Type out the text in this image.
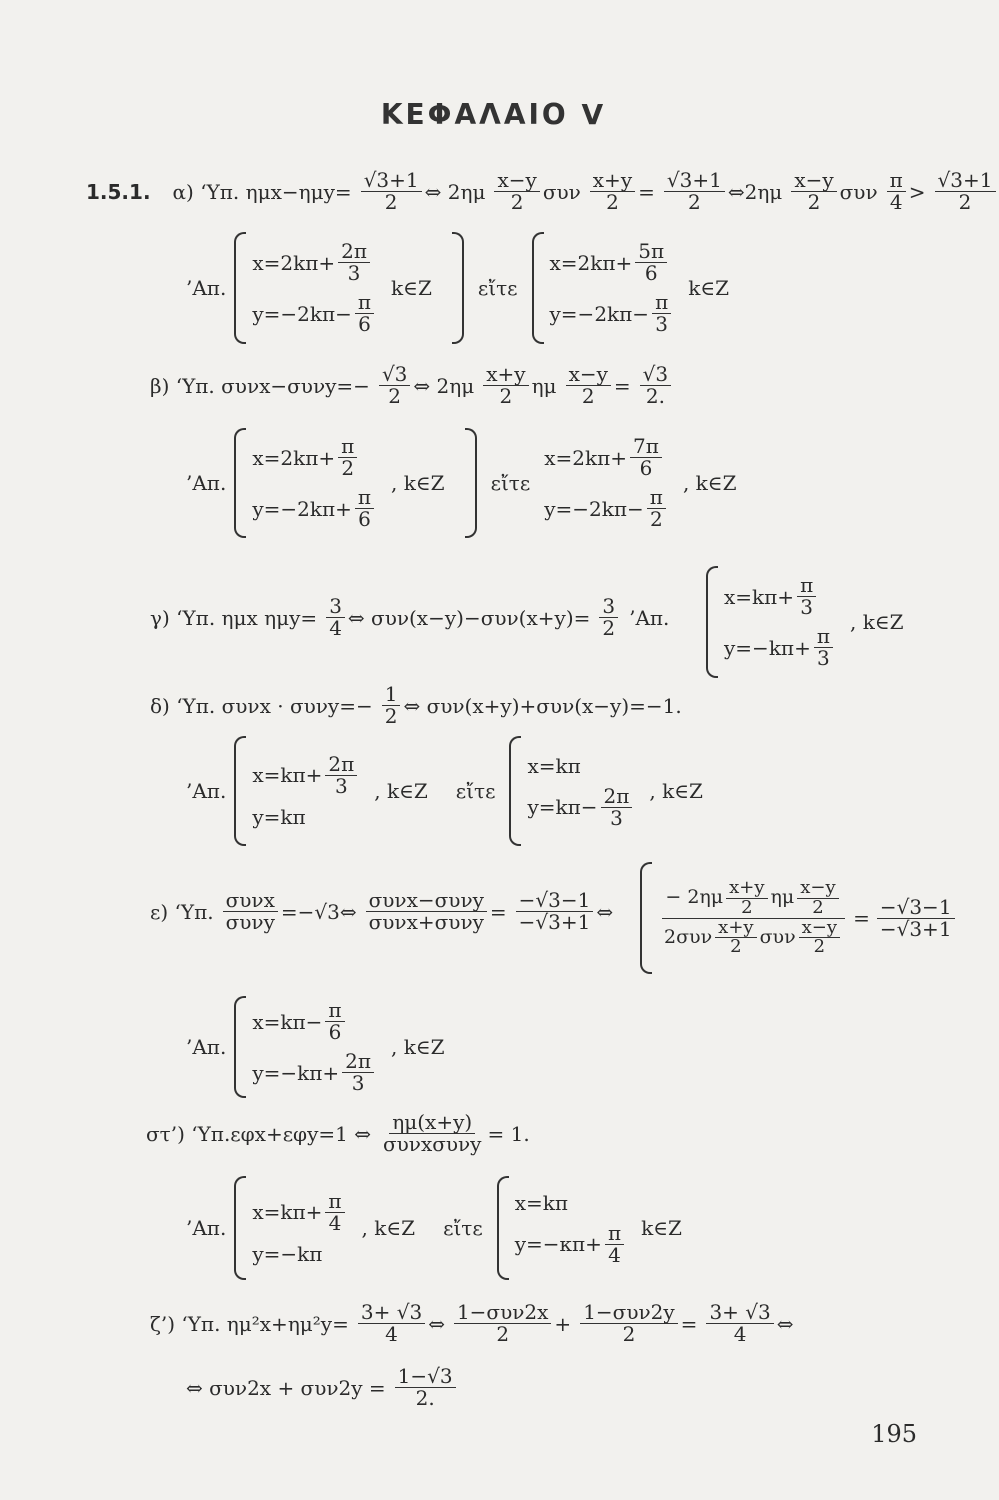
ΚΕΦΑΛΑΙΟ V
1.5.1. α) ‘Υπ. $\eta\mu x-\eta\mu y= \frac{√3+1}{2}$ ⇔ $2\eta\mu \frac{x-y}{2}$ συν $\frac{x+y}{2} = \frac{√3+1}{2}$ ⇔2ημ $\frac{x-y}{2}$ συν $\frac{\pi}{4} > \frac{√3+1}{2}$
’Απ.
$x=2k\pi+ \frac{2\pi}{3}$
$y=-2k\pi- \frac{\pi}{6}$
k∈Z εἴτε
$x=2k\pi+ \frac{5\pi}{6}$
$y=-2k\pi- \frac{\pi}{3}$
k∈Z
β) ‘Υπ. $\sigma\upsilon\nu x-\sigma\upsilon\nu y=- \frac{√3}{2}$ ⇔ $2\eta\mu \frac{x+y}{2}$ ημ $\frac{x-y}{2} = \frac{√3}{2.}$
’Απ.
$x=2k\pi+ \frac{\pi}{2}$
$y=-2k\pi+ \frac{\pi}{6}$
, k∈Z εἴτε
$x=2k\pi+ \frac{7\pi}{6}$
$y=-2k\pi- \frac{\pi}{2}$
, k∈Z
γ) ‘Υπ. ημx $\eta\mu y= \frac{3}{4}$ ⇔ $\sigma\upsilon\nu(x-y)-\sigma\upsilon\nu(x+y)= \frac{3}{2}$ ’Απ.
$x=k\pi+ \frac{\pi}{3}$
$y=-k\pi+ \frac{\pi}{3}$
, k∈Z
δ) ‘Υπ. $\sigma\upsilon\nu x \cdot \sigma\upsilon\nu y=- \frac{1}{2}$ ⇔ συν(x+y)+συν(x−y)=−1.
’Απ.
$x=k\pi+ \frac{2\pi}{3}$
y=kπ
, k∈Z εἴτε
x=kπ
$y=k\pi- \frac{2\pi}{3}$ , k∈Z
ε) ‘Υπ. $\frac{\text{συνx}}{\text{συνy}}$ =−√3⇔ $\frac{\text{συνx−συνy}}{\text{συνx+συνy}} = \frac{-√3-1}{-√3+1}$ ⇔	$\frac{- 2\eta\mu \frac{x+y}{2} \eta\mu \frac{x-y}{2}}{2\sigma\upsilon\nu \frac{x+y}{2} \sigma\upsilon\nu \frac{x-y}{2}} = \frac{-√3-1}{-√3+1}$
’Απ.
$x=k\pi- \frac{\pi}{6}$
$y=-k\pi+ \frac{2\pi}{3}$
, k∈Z
στ’) ‘Υπ.εφx+εφy=1 ⇔ $\frac{\eta\mu(x+y)}{\text{συνxσυνy}} = 1$.
’Απ.
$x=k\pi+ \frac{\pi}{4}$
y=−kπ
, k∈Z εἴτε
x=kπ
$y=-\kappa\pi+ \frac{\pi}{4}$ k∈Z
ζ’) ‘Υπ. $\eta\mu^2x+\eta\mu^2y= \frac{3+ √3}{4}$ ⇔ $\frac{\text{1−συν2x}}{2} + \frac{\text{1−συν2y}}{2} = \frac{3+ √3}{4}$ ⇔
⇔ $\sigma\upsilon\nu 2x + \sigma\upsilon\nu 2y = \frac{1-√3}{2.}$
195
